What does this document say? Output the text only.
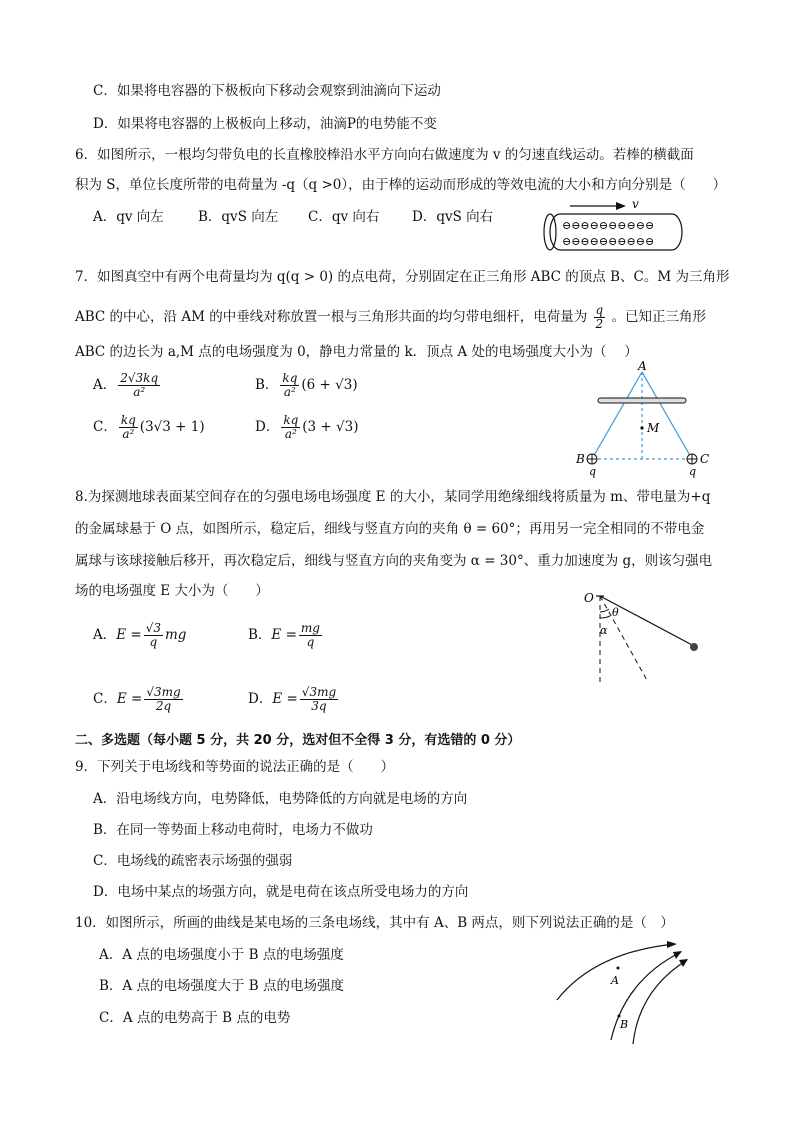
C．如果将电容器的下极板向下移动会观察到油滴向下运动
D．如果将电容器的上极板向上移动，油滴P的电势能不变
6．如图所示，一根均匀带负电的长直橡胶棒沿水平方向向右做速度为 v 的匀速直线运动。若棒的横截面
积为 S，单位长度所带的电荷量为 -q（q >0），由于棒的运动而形成的等效电流的大小和方向分别是（　　）
A．qv 向左	B．qvS 向左 C．qv 向右 D．qvS 向右
v
⊖⊖⊖⊖⊖⊖⊖⊖⊖⊖
⊖⊖⊖⊖⊖⊖⊖⊖⊖⊖
7．如图真空中有两个电荷量均为 q(q > 0) 的点电荷，分别固定在正三角形 ABC 的顶点 B、C。M 为三角形
ABC 的中心，沿 AM 的中垂线对称放置一根与三角形共面的均匀带电细杆，电荷量为 $\frac{q}{2}$ 。已知正三角形
ABC 的边长为 a,M 点的电场强度为 0，静电力常量的 k．顶点 A 处的电场强度大小为（　 ）
A． $\frac{2√3kq}{\text{a²}}$	B． $\frac{kq}{\text{a²}} (6 + √3)$
C． $\frac{kq}{\text{a²}} (3√3 + 1)$	D． $\frac{kq}{\text{a²}} (3 + √3)$
A
M
B	C
q	q
8.为探测地球表面某空间存在的匀强电场电场强度 E 的大小，某同学用绝缘细线将质量为 m、带电量为+q
的金属球悬于 O 点，如图所示，稳定后，细线与竖直方向的夹角 θ = 60°；再用另一完全相同的不带电金
属球与该球接触后移开，再次稳定后，细线与竖直方向的夹角变为 α = 30°、重力加速度为 g，则该匀强电
场的电场强度 E 大小为（　　）
A．$E = \frac{√3}{q}$ mg	B．$E = \frac{mg}{q}$
C．$E = \frac{√3mg}{2q}$	D．$E = \frac{√3mg}{3q}$
O
θ
α
二、多选题（每小题 5 分，共 20 分，选对但不全得 3 分，有选错的 0 分）
9．下列关于电场线和等势面的说法正确的是（　　）
A．沿电场线方向，电势降低，电势降低的方向就是电场的方向
B．在同一等势面上移动电荷时，电场力不做功
C．电场线的疏密表示场强的强弱
D．电场中某点的场强方向，就是电荷在该点所受电场力的方向
10．如图所示，所画的曲线是某电场的三条电场线，其中有 A、B 两点，则下列说法正确的是（　）
A．A 点的电场强度小于 B 点的电场强度
B．A 点的电场强度大于 B 点的电场强度
C．A 点的电势高于 B 点的电势
A
B
